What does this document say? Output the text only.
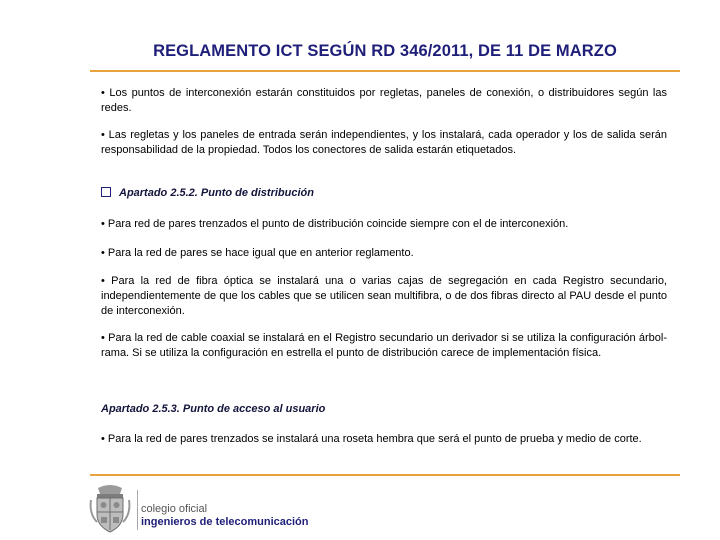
REGLAMENTO ICT SEGÚN RD 346/2011, DE 11 DE MARZO

• Los puntos de interconexión estarán constituidos por regletas, paneles de conexión, o distribuidores según las redes.

• Las regletas y los paneles de entrada serán independientes, y los instalará, cada operador y los de salida serán responsabilidad de la propiedad. Todos los conectores de salida estarán etiquetados.

Apartado 2.5.2. Punto de distribución

• Para red de pares trenzados el punto de distribución coincide siempre con el de interconexión.

• Para la red de pares se hace igual que en anterior reglamento.

• Para la red de fibra óptica se instalará una o varias cajas de segregación en cada Registro secundario, independientemente de que los cables que se utilicen sean multifibra, o de dos fibras directo al PAU desde el punto de interconexión.

• Para la red de cable coaxial se instalará en el Registro secundario un derivador si se utiliza la configuración árbol-rama. Si se utiliza la configuración en estrella el punto de distribución carece de implementación física.

Apartado 2.5.3. Punto de acceso al usuario

• Para la red de pares trenzados se instalará una roseta hembra que será el punto de prueba y medio de corte.

colegio oficial
ingenieros de telecomunicación
